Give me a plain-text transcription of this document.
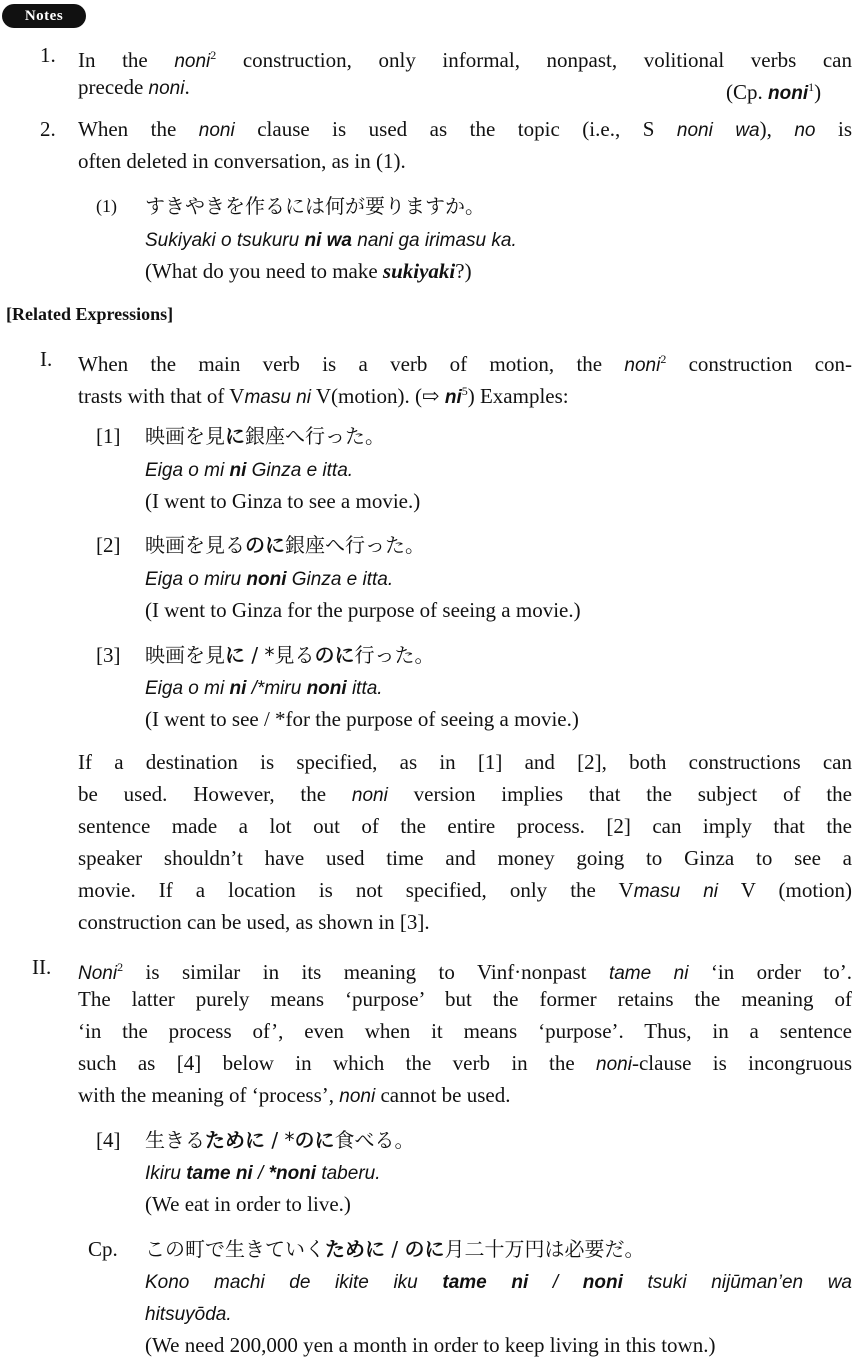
Notes
1. In the noni$^2$ construction, only informal, nonpast, volitional verbs can
precede noni.	(Cp. noni$^1$)
2. When the noni clause is used as the topic (i.e., S noni wa), no is
often deleted in conversation, as in (1).
(1) すきやきを作るには何が要りますか。
Sukiyaki o tsukuru ni wa nani ga irimasu ka.
(What do you need to make sukiyaki?)
[Related Expressions]
I. When the main verb is a verb of motion, the noni$^2$ construction con-
trasts with that of Vmasu ni V(motion). (⇨ $ni^5$) Examples:
[1] 映画を見に銀座へ行った。
Eiga o mi ni Ginza e itta.
(I went to Ginza to see a movie.)
[2] 映画を見るのに銀座へ行った。
Eiga o miru noni Ginza e itta.
(I went to Ginza for the purpose of seeing a movie.)
[3] 映画を見に / *見るのに行った。
Eiga o mi ni /*miru noni itta.
(I went to see / *for the purpose of seeing a movie.)
If a destination is specified, as in [1] and [2], both constructions can
be used. However, the noni version implies that the subject of the
sentence made a lot out of the entire process. [2] can imply that the
speaker shouldn’t have used time and money going to Ginza to see a
movie. If a location is not specified, only the Vmasu ni V (motion)
construction can be used, as shown in [3].
II. Noni$^2$ is similar in its meaning to Vinf·nonpast tame ni ‘in order to’.
The latter purely means ‘purpose’ but the former retains the meaning of
‘in the process of’, even when it means ‘purpose’. Thus, in a sentence
such as [4] below in which the verb in the noni-clause is incongruous
with the meaning of ‘process’, noni cannot be used.
[4] 生きるために / *のに食べる。
Ikiru tame ni / *noni taberu.
(We eat in order to live.)
Cp. この町で生きていくために / のに月二十万円は必要だ。
Kono machi de ikite iku tame ni / noni tsuki nijūman’en wa
hitsuyōda.
(We need 200,000 yen a month in order to keep living in this town.)
